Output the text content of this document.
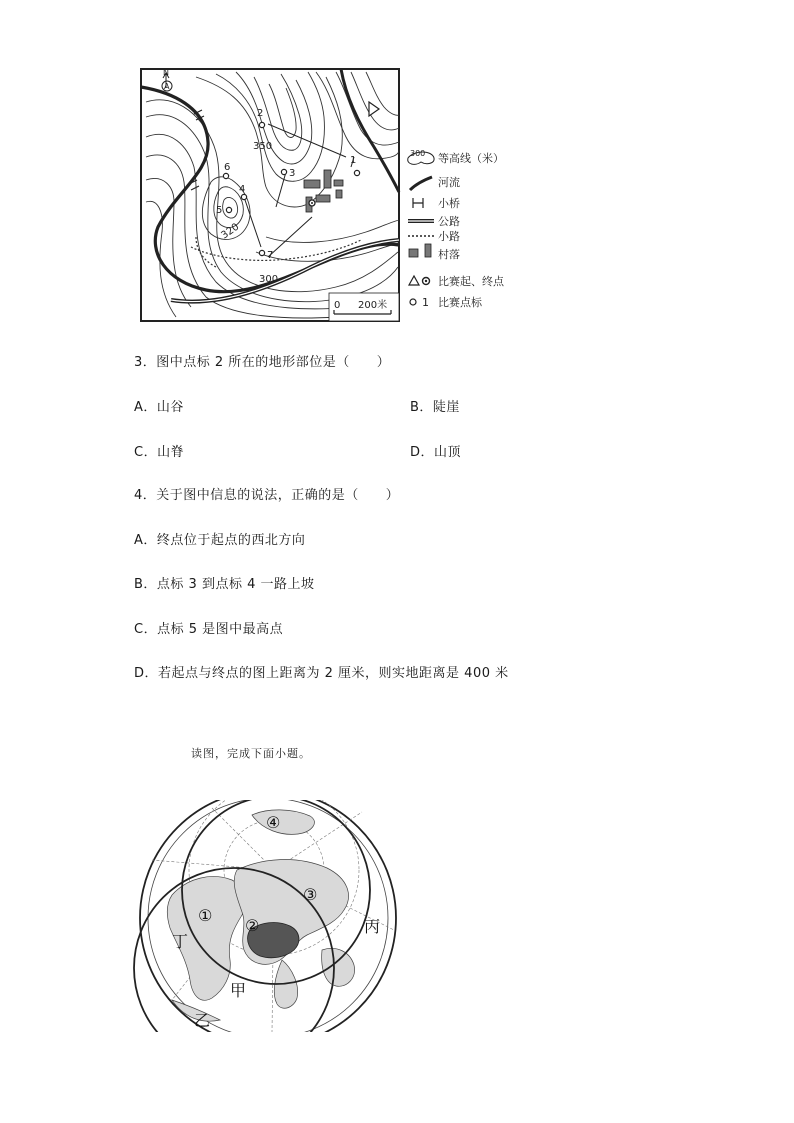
N
A
1
2
3
4
5
6
7
350
320
300
0 200米
300 等高线（米）
河流
小桥
公路
小路
村落
比赛起、终点
1 比赛点标
3．图中点标 2 所在的地形部位是（　　）
A．山谷	B．陡崖
C．山脊	D．山顶
4．关于图中信息的说法，正确的是（　　）
A．终点位于起点的西北方向
B．点标 3 到点标 4 一路上坡
C．点标 5 是图中最高点
D．若起点与终点的图上距离为 2 厘米，则实地距离是 400 米
读图，完成下面小题。
①
②
③
④
甲
乙
丙
丁
